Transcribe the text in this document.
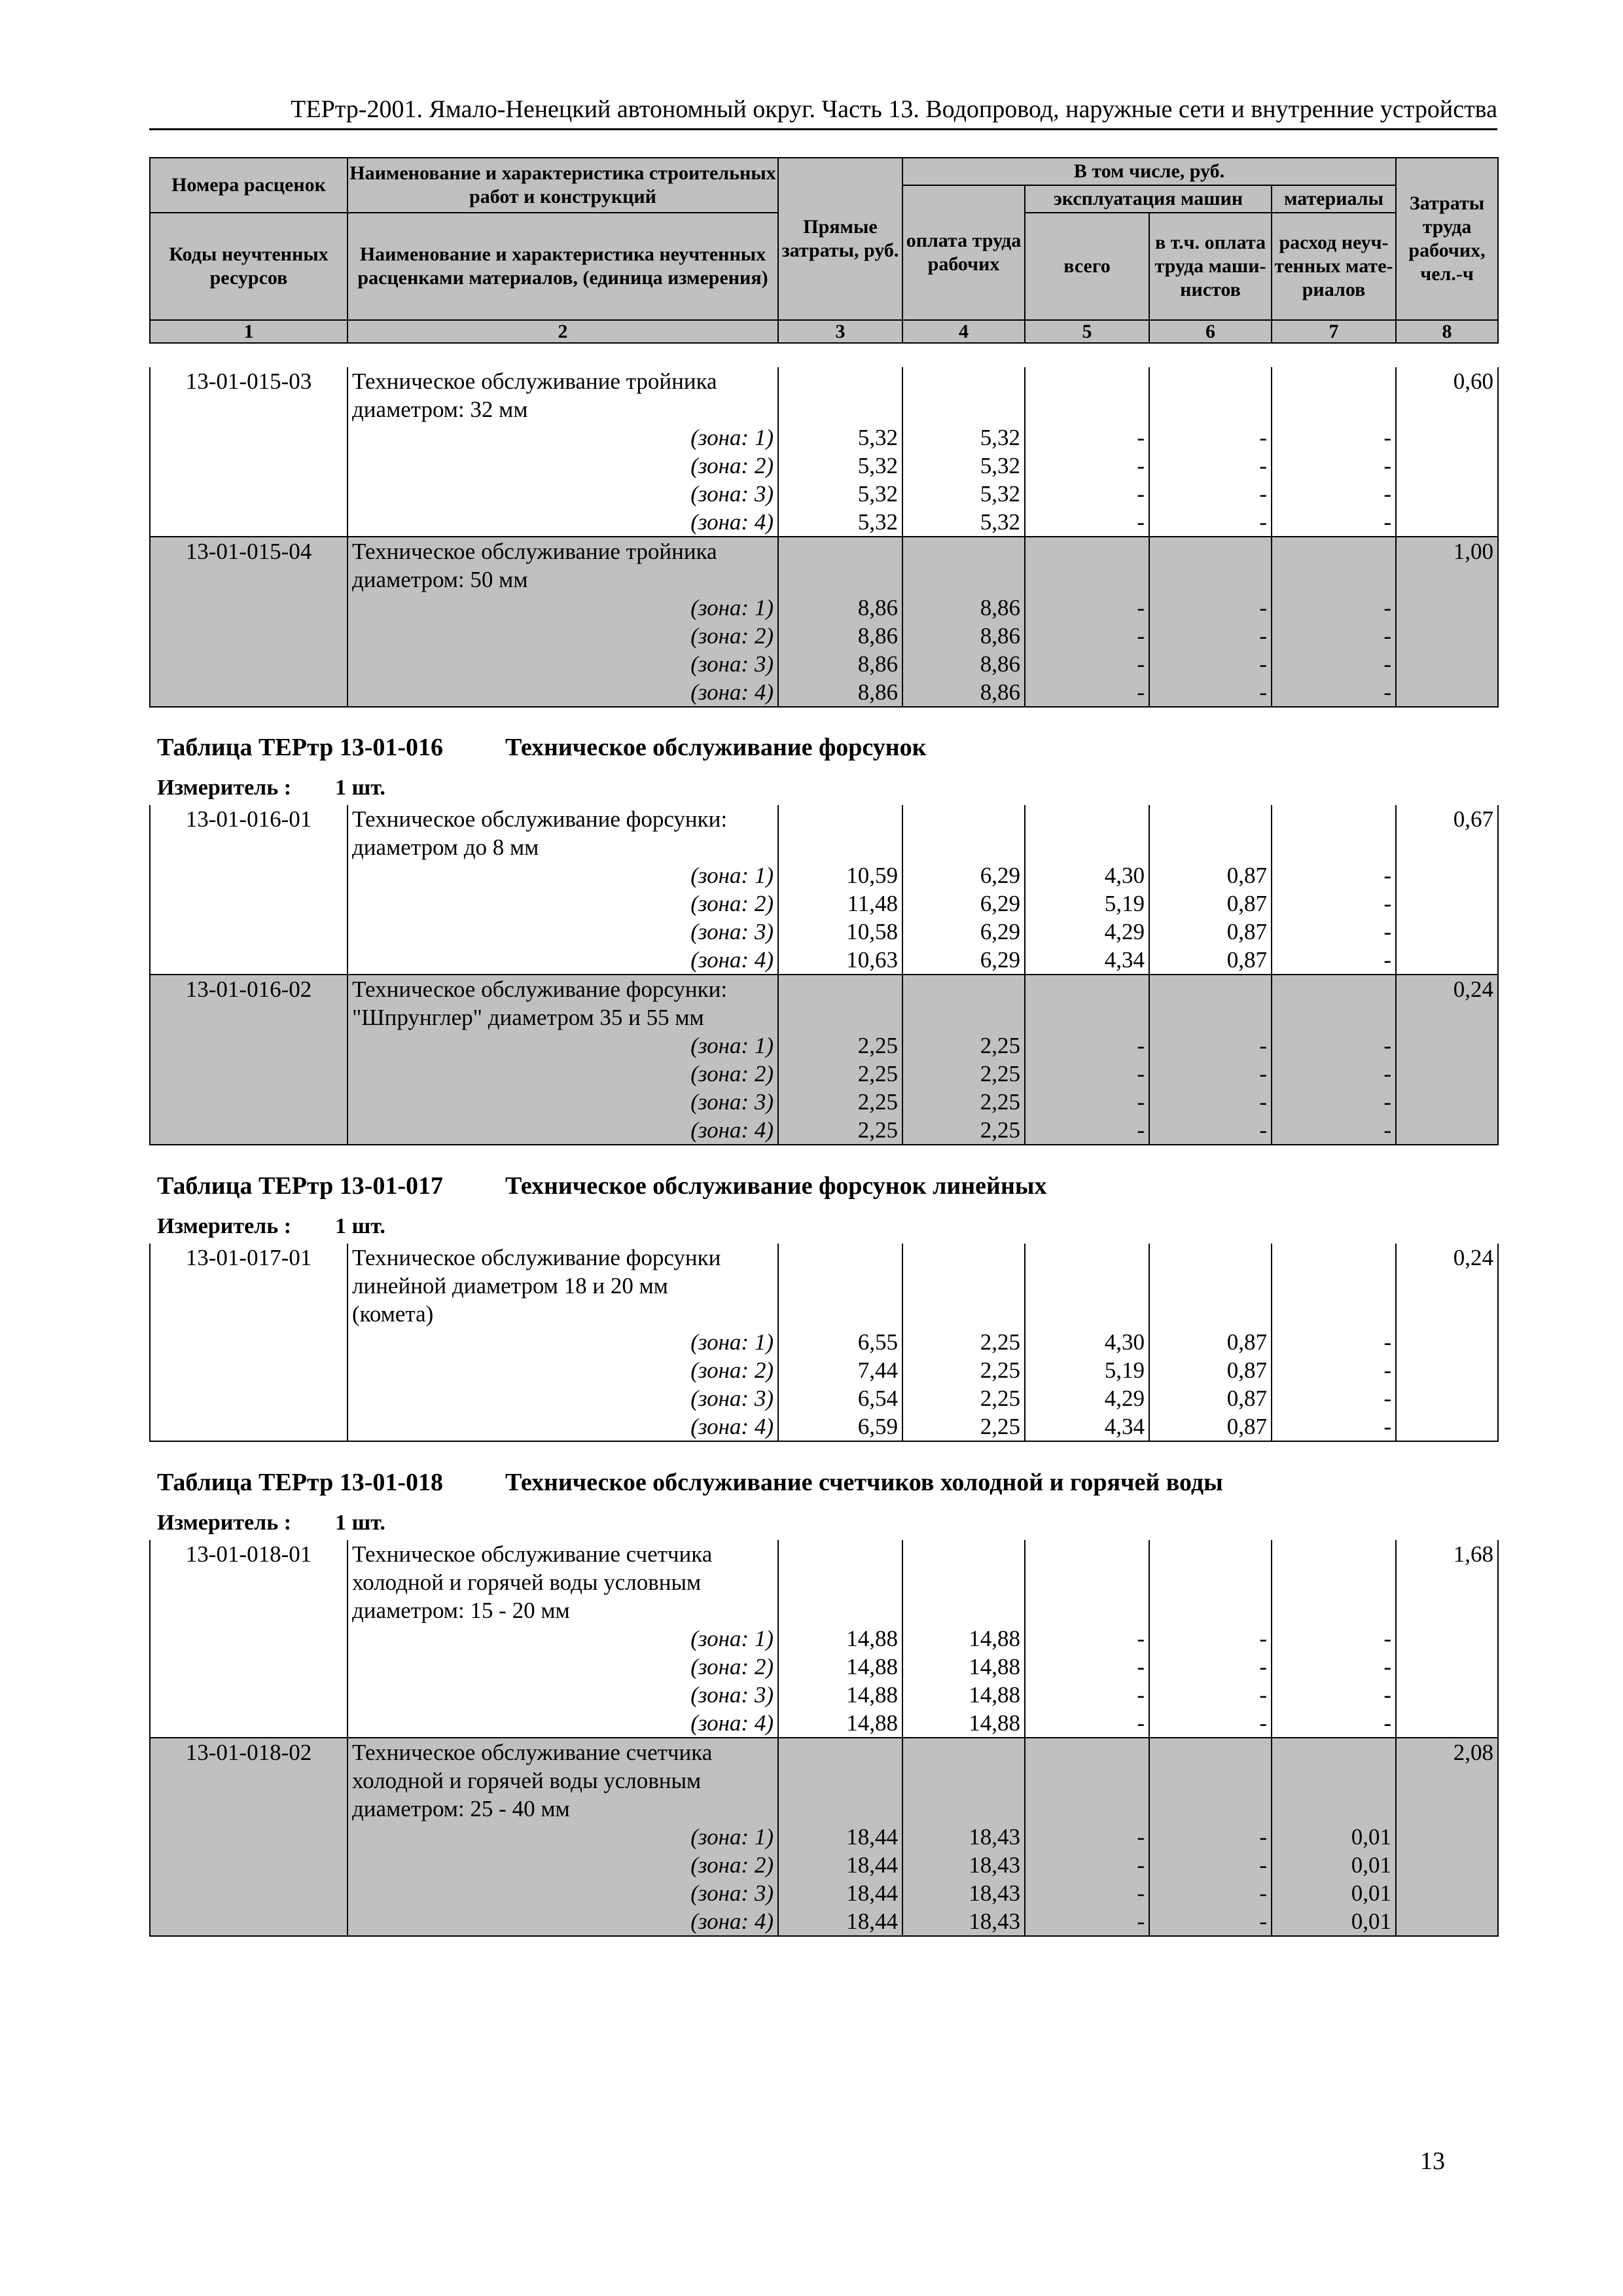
ТЕРтр-2001. Ямало-Ненецкий автономный округ. Часть 13. Водопровод, наружные сети и внутренние устройства
Номера расценок	Наименование и характеристика строительных работ и конструкций	Прямые затраты, руб.	В том числе, руб.				Затраты труда рабочих, чел.-ч
			оплата труда рабочих	эксплуатация машин		материалы	
Коды неучтенных ресурсов	Наименование и характеристика неучтенных расценками материалов, (единица измерения)			всего	в т.ч. оплата труда маши-нистов	расход неуч-тенных мате-риалов	

1	2	3	4	5	6	7	8
13-01-015-03	Техническое обслуживание тройника						0,60
	диаметром: 32 мм						
	(зона: 1)	5,32	5,32	-	-	-	
	(зона: 2)	5,32	5,32	-	-	-	
	(зона: 3)	5,32	5,32	-	-	-	
	(зона: 4)	5,32	5,32	-	-	-	
13-01-015-04	Техническое обслуживание тройника						1,00
	диаметром: 50 мм						
	(зона: 1)	8,86	8,86	-	-	-	
	(зона: 2)	8,86	8,86	-	-	-	
	(зона: 3)	8,86	8,86	-	-	-	
	(зона: 4)	8,86	8,86	-	-	-	
Таблица ТЕРтр 13-01-016 Техническое обслуживание форсунок
Измеритель : 1 шт.
13-01-016-01	Техническое обслуживание форсунки:						0,67
	диаметром до 8 мм						
	(зона: 1)	10,59	6,29	4,30	0,87	-	
	(зона: 2)	11,48	6,29	5,19	0,87	-	
	(зона: 3)	10,58	6,29	4,29	0,87	-	
	(зона: 4)	10,63	6,29	4,34	0,87	-	
13-01-016-02	Техническое обслуживание форсунки:						0,24
	"Шпрунглер" диаметром 35 и 55 мм						
	(зона: 1)	2,25	2,25	-	-	-	
	(зона: 2)	2,25	2,25	-	-	-	
	(зона: 3)	2,25	2,25	-	-	-	
	(зона: 4)	2,25	2,25	-	-	-	
Таблица ТЕРтр 13-01-017 Техническое обслуживание форсунок линейных
Измеритель : 1 шт.
13-01-017-01	Техническое обслуживание форсунки						0,24
	линейной диаметром 18 и 20 мм						
	(комета)						
	(зона: 1)	6,55	2,25	4,30	0,87	-	
	(зона: 2)	7,44	2,25	5,19	0,87	-	
	(зона: 3)	6,54	2,25	4,29	0,87	-	
	(зона: 4)	6,59	2,25	4,34	0,87	-	
Таблица ТЕРтр 13-01-018 Техническое обслуживание счетчиков холодной и горячей воды
Измеритель : 1 шт.
13-01-018-01	Техническое обслуживание счетчика						1,68
	холодной и горячей воды условным						
	диаметром: 15 - 20 мм						
	(зона: 1)	14,88	14,88	-	-	-	
	(зона: 2)	14,88	14,88	-	-	-	
	(зона: 3)	14,88	14,88	-	-	-	
	(зона: 4)	14,88	14,88	-	-	-	
13-01-018-02	Техническое обслуживание счетчика						2,08
	холодной и горячей воды условным						
	диаметром: 25 - 40 мм						
	(зона: 1)	18,44	18,43	-	-	0,01	
	(зона: 2)	18,44	18,43	-	-	0,01	
	(зона: 3)	18,44	18,43	-	-	0,01	
	(зона: 4)	18,44	18,43	-	-	0,01	
13
